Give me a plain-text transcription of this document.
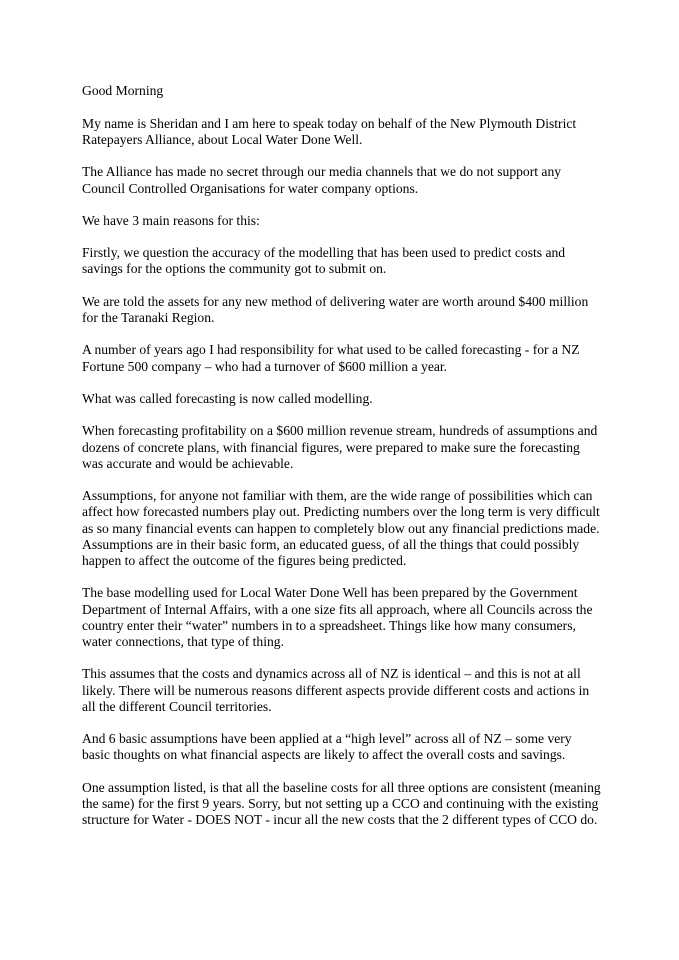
Good Morning

My name is Sheridan and I am here to speak today on behalf of the New Plymouth District Ratepayers Alliance, about Local Water Done Well.

The Alliance has made no secret through our media channels that we do not support any Council Controlled Organisations for water company options.

We have 3 main reasons for this:

Firstly, we question the accuracy of the modelling that has been used to predict costs and savings for the options the community got to submit on.

We are told the assets for any new method of delivering water are worth around $400 million for the Taranaki Region.

A number of years ago I had responsibility for what used to be called forecasting - for a NZ Fortune 500 company – who had a turnover of $600 million a year.

What was called forecasting is now called modelling.

When forecasting profitability on a $600 million revenue stream, hundreds of assumptions and dozens of concrete plans, with financial figures, were prepared to make sure the forecasting was accurate and would be achievable.

Assumptions, for anyone not familiar with them, are the wide range of possibilities which can affect how forecasted numbers play out. Predicting numbers over the long term is very difficult as so many financial events can happen to completely blow out any financial predictions made. Assumptions are in their basic form, an educated guess, of all the things that could possibly happen to affect the outcome of the figures being predicted.

The base modelling used for Local Water Done Well has been prepared by the Government Department of Internal Affairs, with a one size fits all approach, where all Councils across the country enter their “water” numbers in to a spreadsheet. Things like how many consumers, water connections, that type of thing.

This assumes that the costs and dynamics across all of NZ is identical – and this is not at all likely. There will be numerous reasons different aspects provide different costs and actions in all the different Council territories.

And 6 basic assumptions have been applied at a “high level” across all of NZ – some very basic thoughts on what financial aspects are likely to affect the overall costs and savings.

One assumption listed, is that all the baseline costs for all three options are consistent (meaning the same) for the first 9 years. Sorry, but not setting up a CCO and continuing with the existing structure for Water - DOES NOT - incur all the new costs that the 2 different types of CCO do.
